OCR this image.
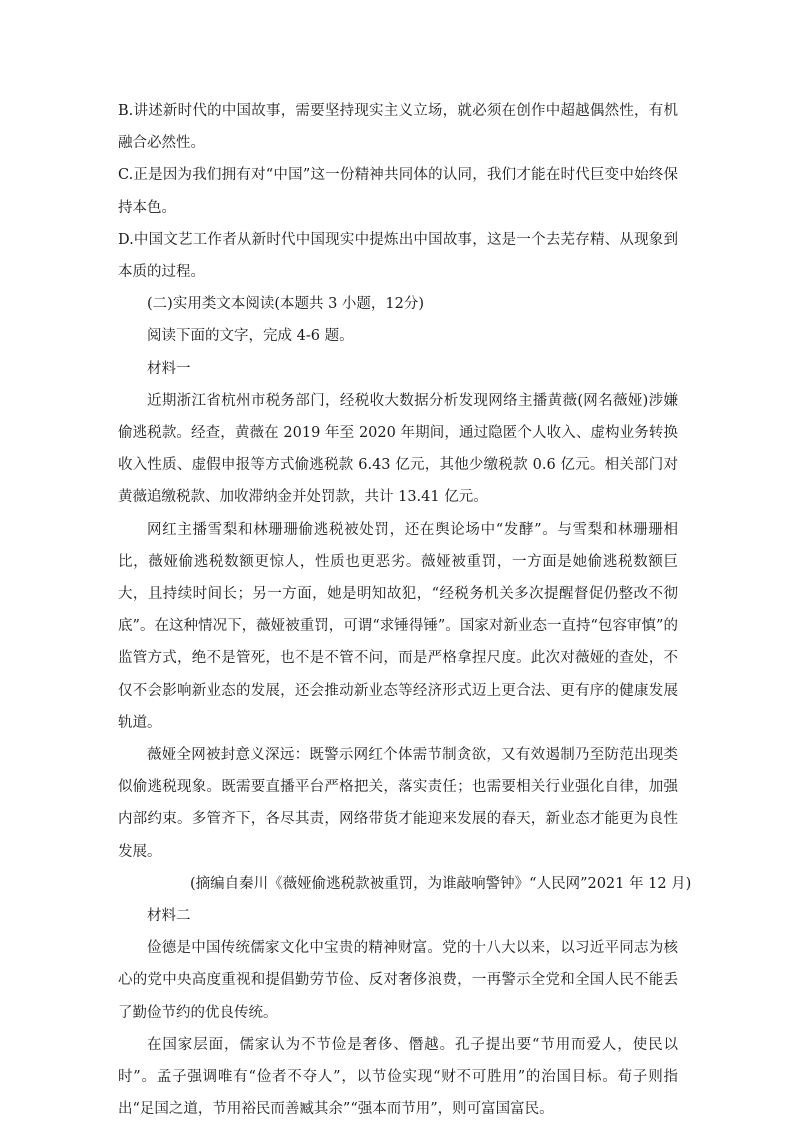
B.讲述新时代的中国故事，需要坚持现实主义立场，就必须在创作中超越偶然性，有机融合必然性。

C.正是因为我们拥有对“中国”这一份精神共同体的认同，我们才能在时代巨变中始终保持本色。

D.中国文艺工作者从新时代中国现实中提炼出中国故事，这是一个去芜存精、从现象到本质的过程。

(二)实用类文本阅读(本题共 3 小题，12分)

阅读下面的文字，完成 4-6 题。

材料一

近期浙江省杭州市税务部门，经税收大数据分析发现网络主播黄薇(网名薇娅)涉嫌偷逃税款。经查，黄薇在 2019 年至 2020 年期间，通过隐匿个人收入、虚构业务转换收入性质、虚假申报等方式偷逃税款 6.43 亿元，其他少缴税款 0.6 亿元。相关部门对黄薇追缴税款、加收滞纳金并处罚款，共计 13.41 亿元。

网红主播雪梨和林珊珊偷逃税被处罚，还在舆论场中“发酵”。与雪梨和林珊珊相比，薇娅偷逃税数额更惊人，性质也更恶劣。薇娅被重罚，一方面是她偷逃税数额巨大，且持续时间长；另一方面，她是明知故犯，“经税务机关多次提醒督促仍整改不彻底”。在这种情况下，薇娅被重罚，可谓“求锤得锤”。国家对新业态一直持“包容审慎”的监管方式，绝不是管死，也不是不管不问，而是严格拿捏尺度。此次对薇娅的查处，不仅不会影响新业态的发展，还会推动新业态等经济形式迈上更合法、更有序的健康发展轨道。

薇娅全网被封意义深远：既警示网红个体需节制贪欲，又有效遏制乃至防范出现类似偷逃税现象。既需要直播平台严格把关，落实责任；也需要相关行业强化自律，加强内部约束。多管齐下，各尽其责，网络带货才能迎来发展的春天，新业态才能更为良性发展。

(摘编自秦川《薇娅偷逃税款被重罚，为谁敲响警钟》“人民网”2021 年 12 月)

材料二

俭德是中国传统儒家文化中宝贵的精神财富。党的十八大以来，以习近平同志为核心的党中央高度重视和提倡勤劳节俭、反对奢侈浪费，一再警示全党和全国人民不能丢了勤俭节约的优良传统。

在国家层面，儒家认为不节俭是奢侈、僭越。孔子提出要“节用而爱人，使民以时”。孟子强调唯有“俭者不夺人”，以节俭实现“财不可胜用”的治国目标。荀子则指出“足国之道，节用裕民而善臧其余”“强本而节用”，则可富国富民。
